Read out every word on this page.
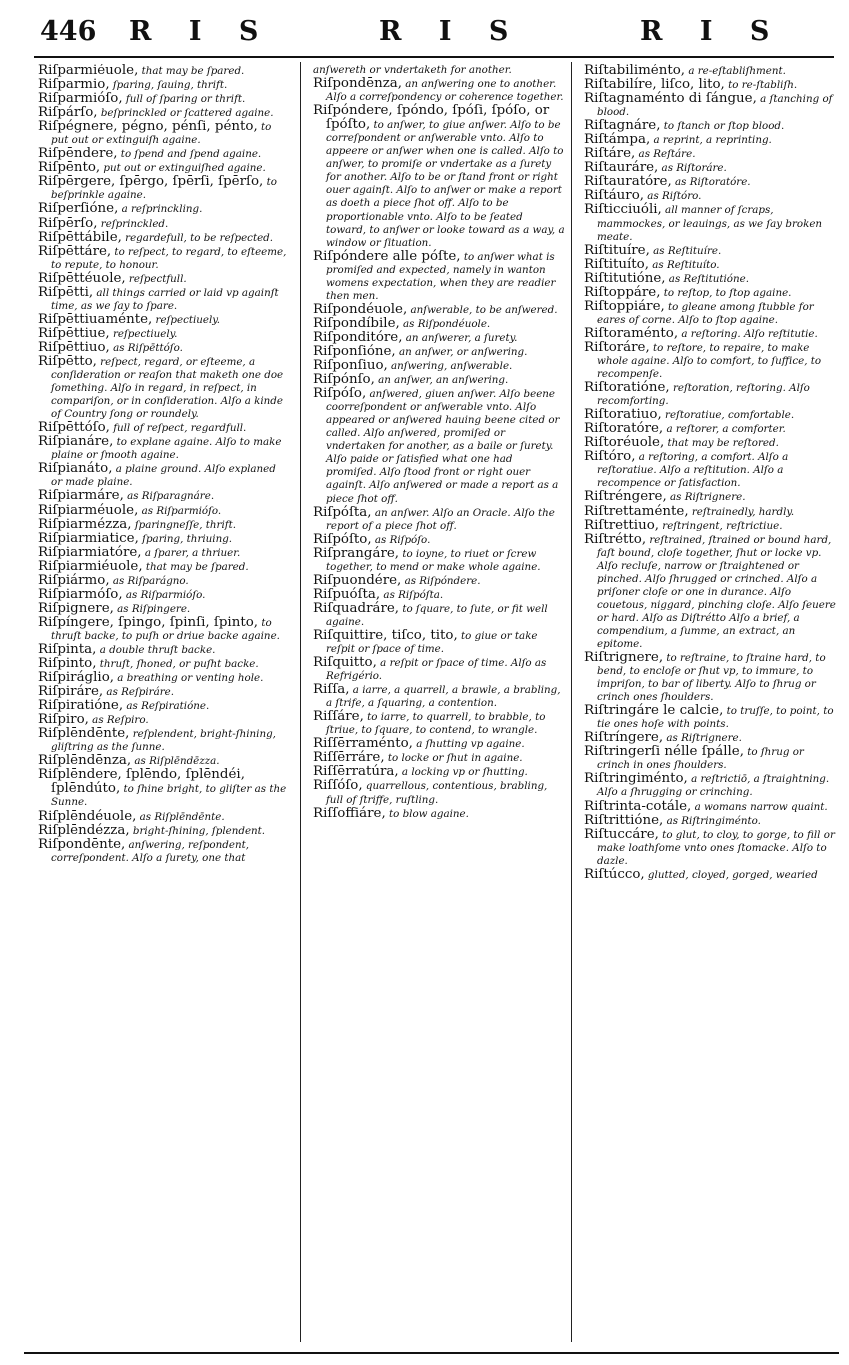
446 R I S	R I S	R I S

Riſparmiéuole, that may be ſpared.

Riſparmio, ſparing, ſauing, thrift.

Riſparmióſo, full of ſparing or thrift.

Riſpárſo, beſprinckled or ſcattered againe.

Riſpégnere, pégno, pénſi, pénto, to put out or extinguiſh againe.

Riſpēndere, to ſpend and ſpend againe.

Riſpēnto, put out or extinguiſhed againe.

Riſpērgere, ſpērgo, ſpērſi, ſpērſo, to beſprinkle againe.

Riſperſióne, a reſprinckling.

Riſpērſo, reſprinckled.

Riſpēttábile, regardefull, to be reſpected.

Riſpēttáre, to reſpect, to regard, to eſteeme, to repute, to honour.

Riſpēttéuole, reſpectfull.

Riſpētti, all things carried or laid vp againſt time, as we ſay to ſpare.

Riſpēttiuaménte, reſpectiuely.

Riſpēttiue, reſpectiuely.

Riſpēttiuo, as Riſpēttóſo.

Riſpētto, reſpect, regard, or eſteeme, a conſideration or reaſon that maketh one doe ſomething. Alſo in regard, in reſpect, in compariſon, or in conſideration. Alſo a kinde of Country ſong or roundely.

Riſpēttóſo, full of reſpect, regardfull.

Riſpianáre, to explane againe. Alſo to make plaine or ſmooth againe.

Riſpianáto, a plaine ground. Alſo explaned or made plaine.

Riſpiarmáre, as Riſparagnáre.

Riſpiarméuole, as Riſparmióſo.

Riſpiarmézza, ſparingneſſe, thrift.

Riſpiarmiatice, ſparing, thriuing.

Riſpiarmiatóre, a ſparer, a thriuer.

Riſpiarmiéuole, that may be ſpared.

Riſpiármo, as Riſparágno.

Riſpiarmóſo, as Riſparmióſo.

Riſpignere, as Riſpingere.

Riſpíngere, ſpingo, ſpinſi, ſpinto, to thruſt backe, to puſh or driue backe againe.

Riſpinta, a double thruſt backe.

Riſpinto, thruſt, ſhoned, or puſht backe.

Riſpiráglio, a breathing or venting hole.

Riſpiráre, as Reſpiráre.

Riſpiratióne, as Reſpiratióne.

Riſpiro, as Reſpiro.

Riſplēndēnte, reſplendent, bright-ſhining, gliſtring as the ſunne.

Riſplēndēnza, as Riſplēndēzza.

Riſplēndere, ſplēndo, ſplēndéi, ſplēndúto, to ſhine bright, to gliſter as the Sunne.

Riſplēndéuole, as Riſplēndēnte.

Riſplēndézza, bright-ſhining, ſplendent.

Riſpondēnte, anſwering, reſpondent, correſpondent. Alſo a ſurety, one that

anſwereth or vndertaketh for another.

Riſpondēnza, an anſwering one to another. Alſo a correſpondency or coherence together.

Riſpóndere, ſpóndo, ſpóſi, ſpóſo, or ſpóſto, to anſwer, to giue anſwer. Alſo to be correſpondent or anſwerable vnto. Alſo to appeere or anſwer when one is called. Alſo to anſwer, to promiſe or vndertake as a ſurety for another. Alſo to be or ſtand front or right ouer againſt. Alſo to anſwer or make a report as doeth a piece ſhot off. Alſo to be proportionable vnto. Alſo to be ſeated toward, to anſwer or looke toward as a way, a window or ſituation.

Riſpóndere alle póſte, to anſwer what is promiſed and expected, namely in wanton womens expectation, when they are readier then men.

Riſpondéuole, anſwerable, to be anſwered.

Riſpondíbile, as Riſpondéuole.

Riſponditóre, an anſwerer, a ſurety.

Riſponſióne, an anſwer, or anſwering.

Riſponſiuo, anſwering, anſwerable.

Riſpónſo, an anſwer, an anſwering.

Riſpóſo, anſwered, giuen anſwer. Alſo beene coorreſpondent or anſwerable vnto. Alſo appeared or anſwered hauing beene cited or called. Alſo anſwered, promiſed or vndertaken for another, as a baile or ſurety. Alſo paide or ſatisfied what one had promiſed. Alſo ſtood front or right ouer againſt. Alſo anſwered or made a report as a piece ſhot off.

Riſpóſta, an anſwer. Alſo an Oracle. Alſo the report of a piece ſhot off.

Riſpóſto, as Riſpóſo.

Riſprangáre, to ioyne, to riuet or ſcrew together, to mend or make whole againe.

Riſpuondére, as Riſpóndere.

Riſpuóſta, as Riſpóſta.

Riſquadráre, to ſquare, to ſute, or fit well againe.

Riſquittire, tiſco, tito, to giue or take reſpit or ſpace of time.

Riſquitto, a reſpit or ſpace of time. Alſo as Refrigério.

Riſſa, a iarre, a quarrell, a brawle, a brabling, a ſtrife, a ſquaring, a contention.

Riſſáre, to iarre, to quarrell, to brabble, to ſtriue, to ſquare, to contend, to wrangle.

Riſſērraménto, a ſhutting vp againe.

Riſſērráre, to locke or ſhut in againe.

Riſſērratúra, a locking vp or ſhutting.

Riſſóſo, quarrellous, contentious, brabling, full of ſtriffe, ruſtling.

Riſſoffiáre, to blow againe.

Riſtabiliménto, a re-eſtabliſhment.

Riſtabilíre, liſco, lito, to re-ſtabliſh.

Riſtagnaménto di ſángue, a ſtanching of blood.

Riſtagnáre, to ſtanch or ſtop blood.

Riſtámpa, a reprint, a reprinting.

Riſtáre, as Reſtáre.

Riſtauráre, as Riſtoráre.

Riſtauratóre, as Riſtoratóre.

Riſtáuro, as Riſtóro.

Riſticciuóli, all manner of ſcraps, mammockes, or leauings, as we ſay broken meate.

Riſtituíre, as Reſtituíre.

Riſtituíto, as Reſtituíto.

Riſtitutióne, as Reſtitutióne.

Riſtoppáre, to reſtop, to ſtop againe.

Riſtoppiáre, to gleane among ſtubble for eares of corne. Alſo to ſtop againe.

Riſtoraménto, a reſtoring. Alſo reſtitutie.

Riſtoráre, to reſtore, to repaire, to make whole againe. Alſo to comfort, to ſuffice, to recompenſe.

Riſtoratióne, reſtoration, reſtoring. Alſo recomforting.

Riſtoratiuo, reſtoratiue, comfortable.

Riſtoratóre, a reſtorer, a comforter.

Riſtoréuole, that may be reſtored.

Riſtóro, a reſtoring, a comfort. Alſo a reſtoratiue. Alſo a reſtitution. Alſo a recompence or ſatisfaction.

Riſtréngere, as Riſtrignere.

Riſtrettaménte, reſtrainedly, hardly.

Riſtrettiuo, reſtringent, reſtrictiue.

Riſtrétto, reſtrained, ſtrained or bound hard, faſt bound, cloſe together, ſhut or locke vp. Alſo recluſe, narrow or ſtraightened or pinched. Alſo ſhrugged or crinched. Alſo a priſoner cloſe or one in durance. Alſo couetous, niggard, pinching cloſe. Alſo ſeuere or hard. Alſo as Diſtrétto Alſo a brief, a compendium, a ſumme, an extract, an epitome.

Riſtrignere, to reſtraine, to ſtraine hard, to bend, to encloſe or ſhut vp, to immure, to impriſon, to bar of liberty. Alſo to ſhrug or crinch ones ſhoulders.

Riſtringáre le calcie, to truſſe, to point, to tie ones hoſe with points.

Riſtríngere, as Riſtrignere.

Riſtringerſi nélle ſpálle, to ſhrug or crinch in ones ſhoulders.

Riſtringiménto, a reſtrictiō, a ſtraightning. Alſo a ſhrugging or crinching.

Riſtrinta-cotále, a womans narrow quaint.

Riſtrittióne, as Riſtringiménto.

Riſtuccáre, to glut, to cloy, to gorge, to fill or make loathſome vnto ones ſtomacke. Alſo to dazle.

Riſtúcco, glutted, cloyed, gorged, wearied
